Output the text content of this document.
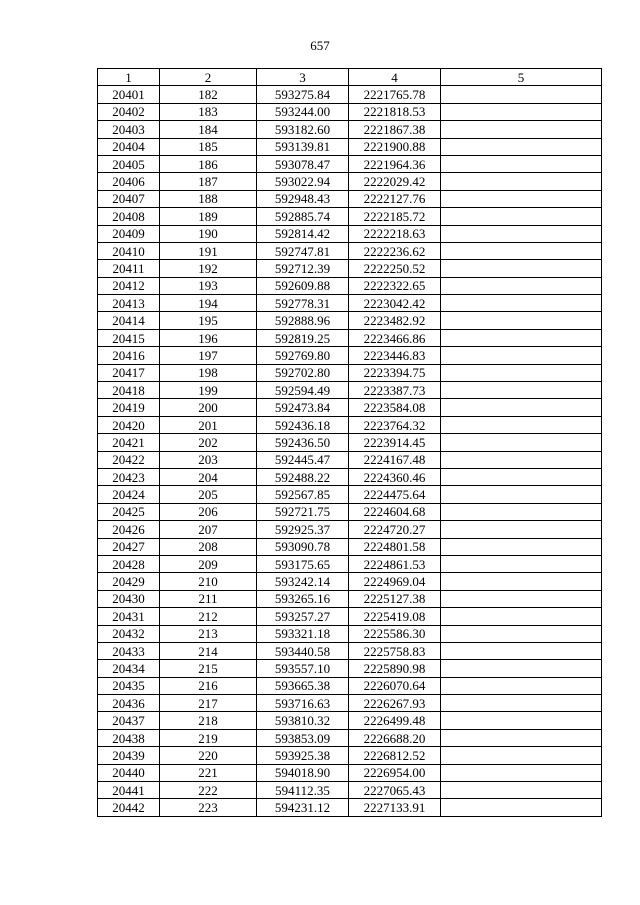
657
1	2	3	4	5
20401	182	593275.84	2221765.78	
20402	183	593244.00	2221818.53	
20403	184	593182.60	2221867.38	
20404	185	593139.81	2221900.88	
20405	186	593078.47	2221964.36	
20406	187	593022.94	2222029.42	
20407	188	592948.43	2222127.76	
20408	189	592885.74	2222185.72	
20409	190	592814.42	2222218.63	
20410	191	592747.81	2222236.62	
20411	192	592712.39	2222250.52	
20412	193	592609.88	2222322.65	
20413	194	592778.31	2223042.42	
20414	195	592888.96	2223482.92	
20415	196	592819.25	2223466.86	
20416	197	592769.80	2223446.83	
20417	198	592702.80	2223394.75	
20418	199	592594.49	2223387.73	
20419	200	592473.84	2223584.08	
20420	201	592436.18	2223764.32	
20421	202	592436.50	2223914.45	
20422	203	592445.47	2224167.48	
20423	204	592488.22	2224360.46	
20424	205	592567.85	2224475.64	
20425	206	592721.75	2224604.68	
20426	207	592925.37	2224720.27	
20427	208	593090.78	2224801.58	
20428	209	593175.65	2224861.53	
20429	210	593242.14	2224969.04	
20430	211	593265.16	2225127.38	
20431	212	593257.27	2225419.08	
20432	213	593321.18	2225586.30	
20433	214	593440.58	2225758.83	
20434	215	593557.10	2225890.98	
20435	216	593665.38	2226070.64	
20436	217	593716.63	2226267.93	
20437	218	593810.32	2226499.48	
20438	219	593853.09	2226688.20	
20439	220	593925.38	2226812.52	
20440	221	594018.90	2226954.00	
20441	222	594112.35	2227065.43	
20442	223	594231.12	2227133.91	
